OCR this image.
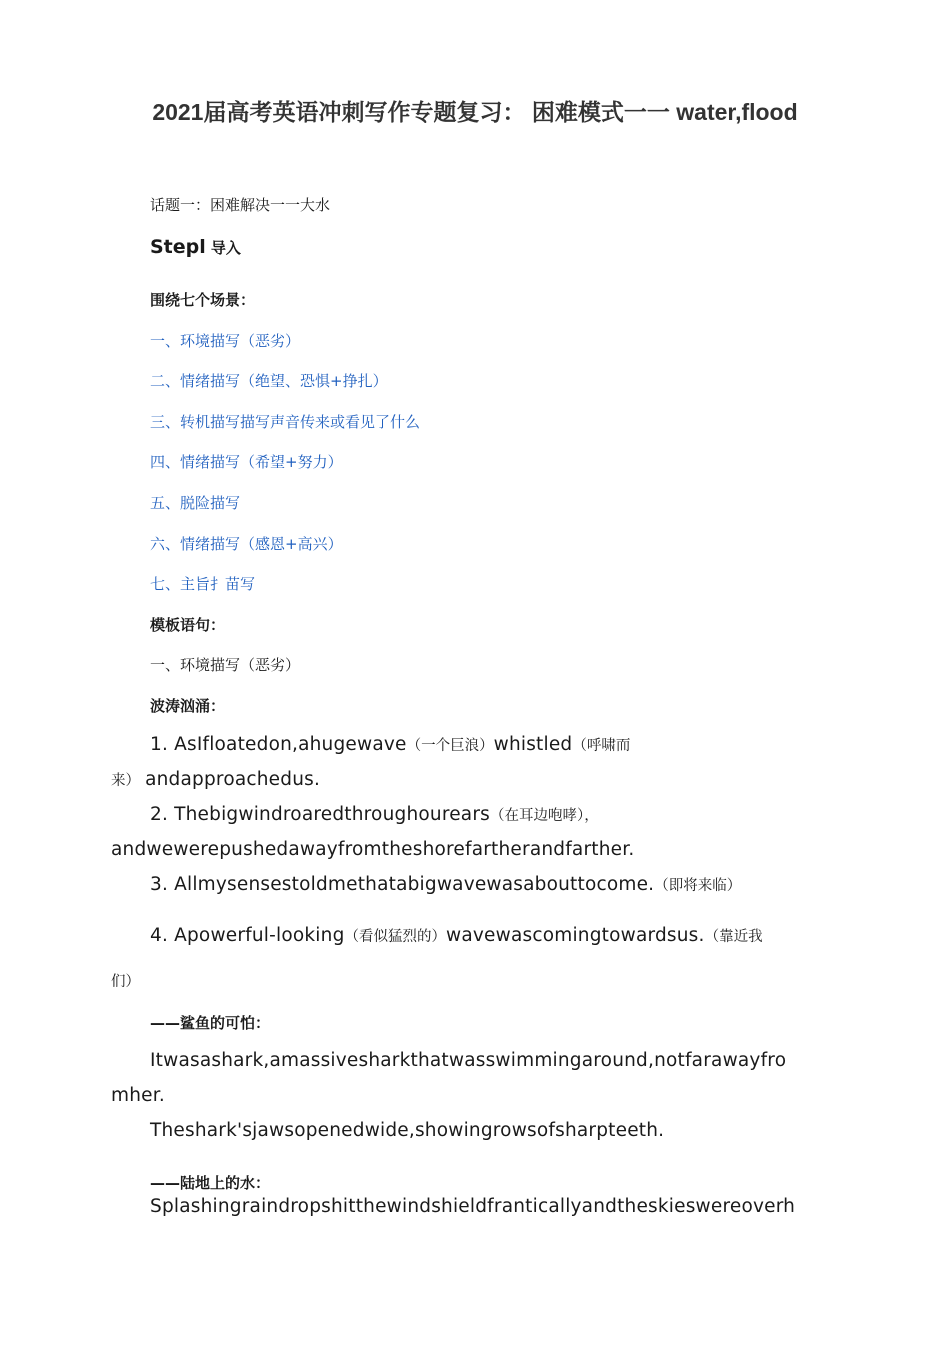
2021届高考英语冲刺写作专题复习： 困难模式一一 water,flood
话题一：困难解决一一大水
Stepl 导入
围绕七个场景：
一、环境描写（恶劣）
二、情绪描写（绝望、恐惧+挣扎）
三、转机描写描写声音传来或看见了什么
四、情绪描写（希望+努力）
五、脱险描写
六、情绪描写（感恩+高兴）
七、主旨扌苗写
模板语句：
一、环境描写（恶劣）
波涛汹涌：
1. AsIfloatedon,ahugewave（一个巨浪）whistled（呼啸而
来） andapproachedus.
2. Thebigwindroaredthroughourears（在耳边咆哮），
andwewerepushedawayfromtheshorefartherandfarther.
3. Allmysensestoldmethatabigwavewasabouttocome.（即将来临）
4. Apowerful-looking（看似猛烈的）wavewascomingtowardsus.（靠近我
们）
——鲨鱼的可怕：
Itwasashark,amassivesharkthatwasswimmingaround,notfarawayfro
mher.
Theshark'sjawsopenedwide,showingrowsofsharpteeth.
——陆地上的水：
Splashingraindropshitthewindshieldfranticallyandtheskieswereoverh
